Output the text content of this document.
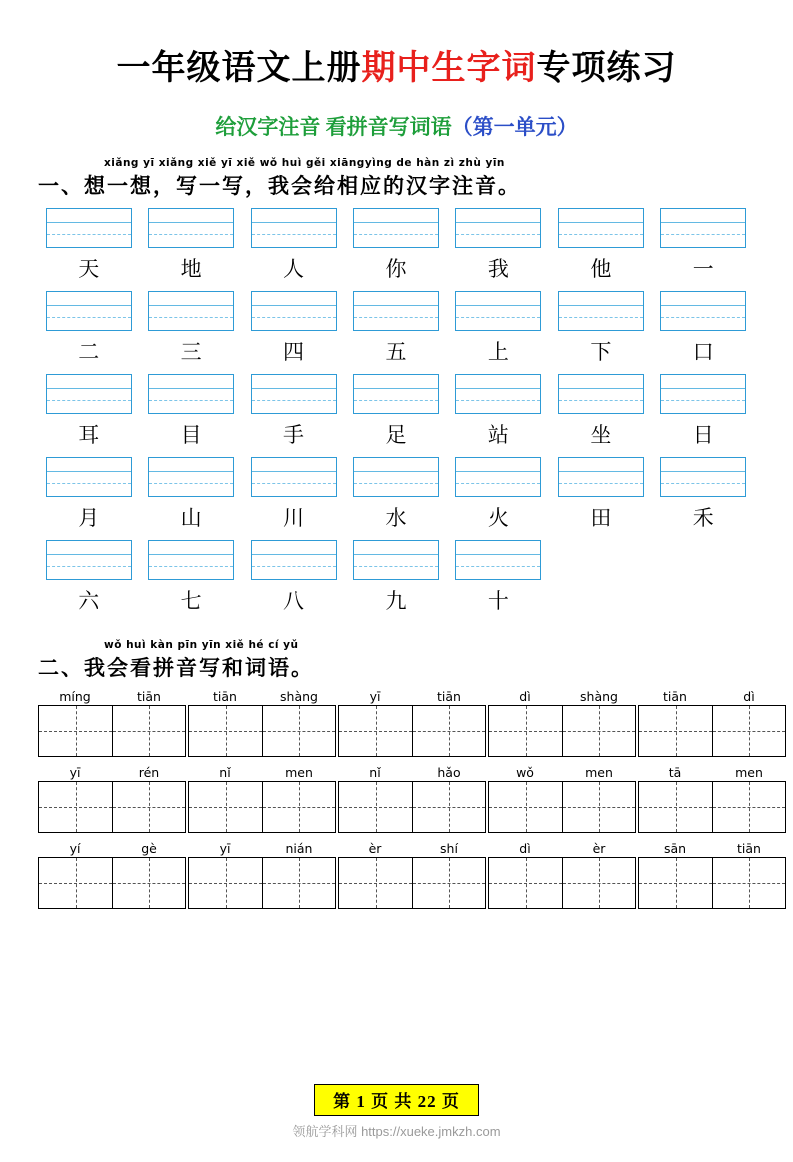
一年级语文上册期中生字词专项练习
给汉字注音 看拼音写词语（第一单元）
xiǎng yī xiǎng xiě yī xiě wǒ huì gěi xiāngyìng de hàn zì zhù yīn
一、想一想，写一写，我会给相应的汉字注音。
天	地	人	你	我	他	一
二	三	四	五	上	下	口
耳	目	手	足	站	坐	日
月	山	川	水	火	田	禾
六	七	八	九	十
wǒ huì kàn pīn yīn xiě hé cí yǔ
二、我会看拼音写和词语。
míng	tiān	tiān	shàng	yī	tiān	dì	shàng	tiān	dì
yī	rén	nǐ	men	nǐ	hǎo	wǒ	men	tā	men
yí	gè	yī	nián	èr	shí	dì	èr	sān	tiān
第 1 页 共 22 页
领航学科网 https://xueke.jmkzh.com
